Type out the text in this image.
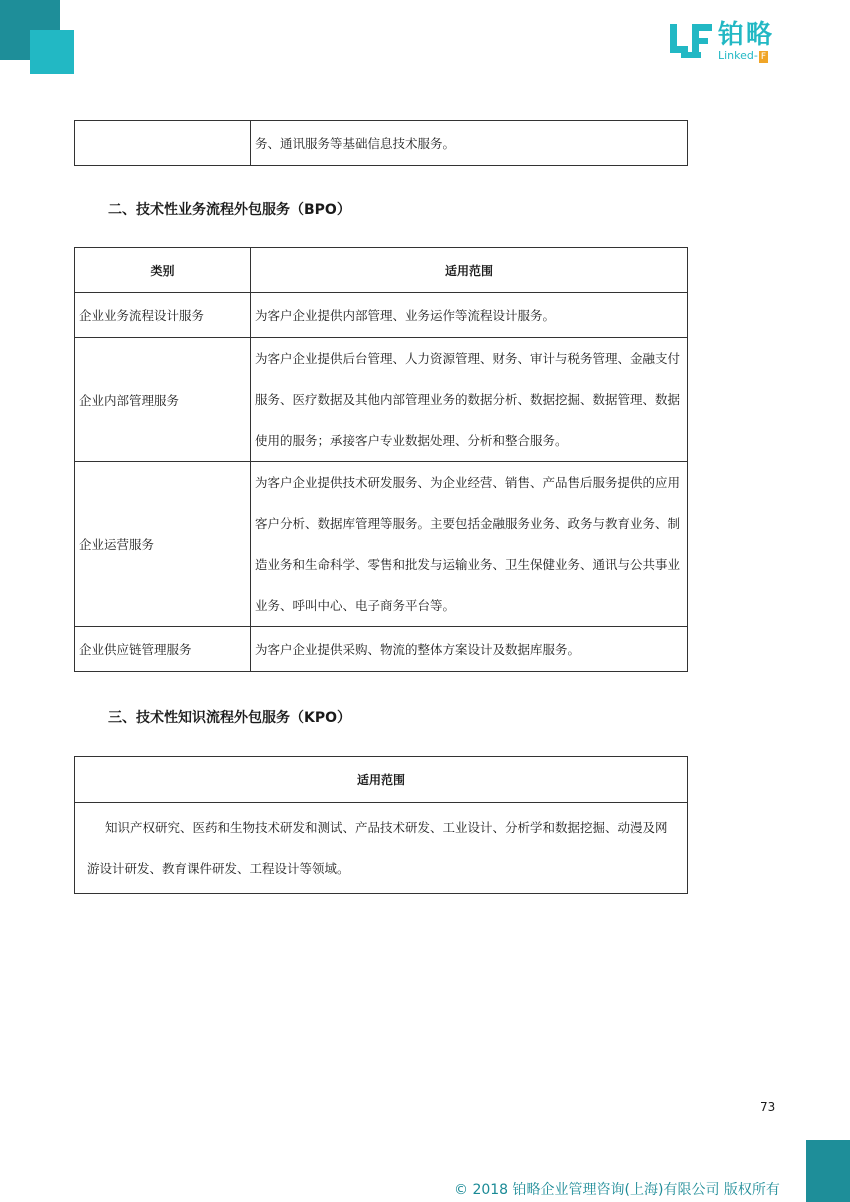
铂略
Linked- F
	务、通讯服务等基础信息技术服务。
二、技术性业务流程外包服务（BPO）
类别	适用范围
企业业务流程设计服务	为客户企业提供内部管理、业务运作等流程设计服务。
企业内部管理服务	为客户企业提供后台管理、人力资源管理、财务、审计与税务管理、金融支付服务、医疗数据及其他内部管理业务的数据分析、数据挖掘、数据管理、数据使用的服务；承接客户专业数据处理、分析和整合服务。
企业运营服务	为客户企业提供技术研发服务、为企业经营、销售、产品售后服务提供的应用客户分析、数据库管理等服务。主要包括金融服务业务、政务与教育业务、制造业务和生命科学、零售和批发与运输业务、卫生保健业务、通讯与公共事业业务、呼叫中心、电子商务平台等。
企业供应链管理服务	为客户企业提供采购、物流的整体方案设计及数据库服务。
三、技术性知识流程外包服务（KPO）
适用范围
知识产权研究、医药和生物技术研发和测试、产品技术研发、工业设计、分析学和数据挖掘、动漫及网游设计研发、教育课件研发、工程设计等领域。
73
© 2018 铂略企业管理咨询(上海)有限公司 版权所有
